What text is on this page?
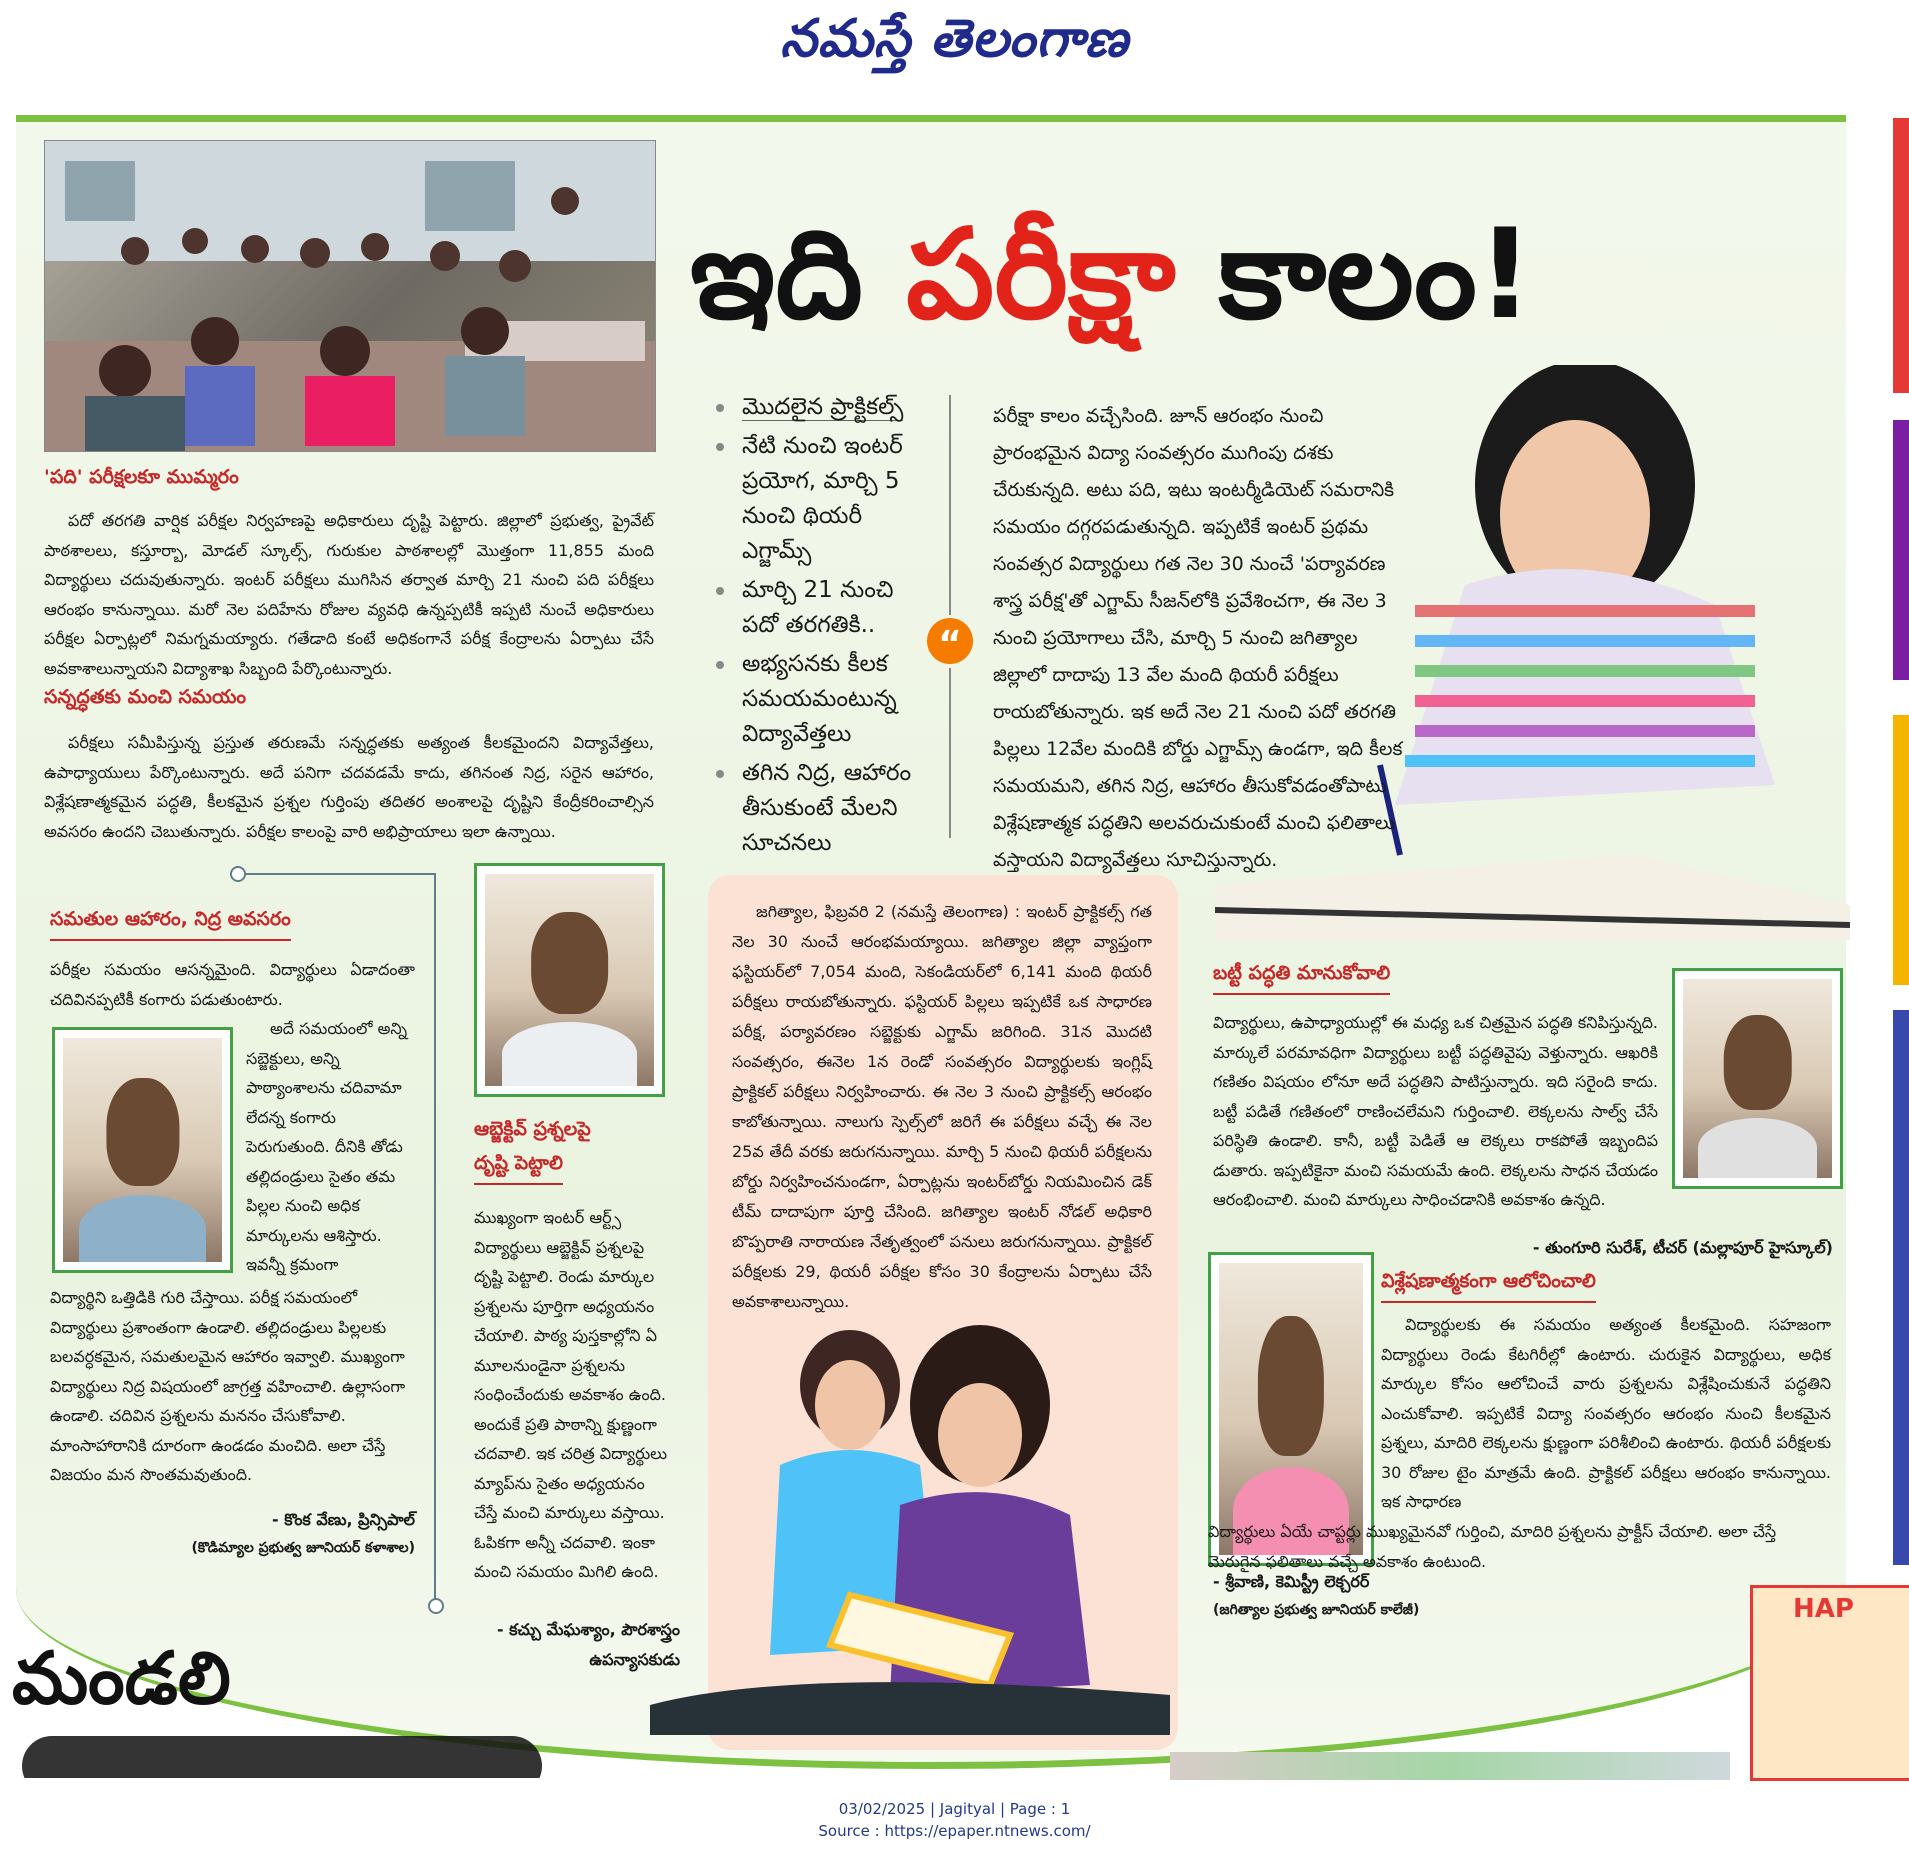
నమస్తే తెలంగాణ
ఇది పరీక్షా కాలం!
'పది' పరీక్షలకూ ముమ్మరం

పదో తరగతి వార్షిక పరీక్షల నిర్వహణపై అధికారులు దృష్టి పెట్టారు. జిల్లాలో ప్రభుత్వ, ప్రైవేట్ పాఠశాలలు, కస్తూర్బా, మోడల్ స్కూల్స్, గురుకుల పాఠశాలల్లో మొత్తంగా 11,855 మంది విద్యార్థులు చదువుతున్నారు. ఇంటర్ పరీక్షలు ముగిసిన తర్వాత మార్చి 21 నుంచి పది పరీక్షలు ఆరంభం కానున్నాయి. మరో నెల పదిహేను రోజుల వ్యవధి ఉన్నప్పటికీ ఇప్పటి నుంచే అధికారులు పరీక్షల ఏర్పాట్లలో నిమగ్నమయ్యారు. గతేడాది కంటే అధికంగానే పరీక్ష కేంద్రాలను ఏర్పాటు చేసే అవకాశాలున్నాయని విద్యాశాఖ సిబ్బంది పేర్కొంటున్నారు.

సన్నద్ధతకు మంచి సమయం

పరీక్షలు సమీపిస్తున్న ప్రస్తుత తరుణమే సన్నద్ధతకు అత్యంత కీలకమైందని విద్యావేత్తలు, ఉపాధ్యాయులు పేర్కొంటున్నారు. అదే పనిగా చదవడమే కాదు, తగినంత నిద్ర, సరైన ఆహారం, విశ్లేషణాత్మకమైన పద్ధతి, కీలకమైన ప్రశ్నల గుర్తింపు తదితర అంశాలపై దృష్టిని కేంద్రీకరించాల్సిన అవసరం ఉందని చెబుతున్నారు. పరీక్షల కాలంపై వారి అభిప్రాయాలు ఇలా ఉన్నాయి.

సమతుల ఆహారం, నిద్ర అవసరం

పరీక్షల సమయం ఆసన్నమైంది. విద్యార్థులు ఏడాదంతా చదివినప్పటికీ కంగారు పడుతుంటారు.

అదే సమయంలో అన్ని సబ్జెక్టులు, అన్ని పాఠ్యాంశాలను చదివామా లేదన్న కంగారు పెరుగుతుంది. దీనికి తోడు తల్లిదండ్రులు సైతం తమ పిల్లల నుంచి అధిక మార్కులను ఆశిస్తారు. ఇవన్నీ క్రమంగా

విద్యార్థిని ఒత్తిడికి గురి చేస్తాయి. పరీక్ష సమయంలో విద్యార్థులు ప్రశాంతంగా ఉండాలి. తల్లిదండ్రులు పిల్లలకు బలవర్ధకమైన, సమతులమైన ఆహారం ఇవ్వాలి. ముఖ్యంగా విద్యార్థులు నిద్ర విషయంలో జాగ్రత్త వహించాలి. ఉల్లాసంగా ఉండాలి. చదివిన ప్రశ్నలను మననం చేసుకోవాలి. మాంసాహారానికి దూరంగా ఉండడం మంచిది. అలా చేస్తే విజయం మన సొంతమవుతుంది.

- కొంక వేణు, ప్రిన్సిపాల్
(కొడిమ్యాల ప్రభుత్వ జూనియర్ కళాశాల)
ఆబ్జెక్టివ్ ప్రశ్నలపై
దృష్టి పెట్టాలి

ముఖ్యంగా ఇంటర్ ఆర్ట్స్ విద్యార్థులు ఆబ్జెక్టివ్ ప్రశ్నలపై దృష్టి పెట్టాలి. రెండు మార్కుల ప్రశ్నలను పూర్తిగా అధ్యయనం చేయాలి. పాఠ్య పుస్తకాల్లోని ఏ మూలనుండైనా ప్రశ్నలను సంధించేందుకు అవకాశం ఉంది. అందుకే ప్రతి పాఠాన్ని క్షుణ్ణంగా చదవాలి. ఇక చరిత్ర విద్యార్థులు మ్యాప్‌ను సైతం అధ్యయనం చేస్తే మంచి మార్కులు వస్తాయి. ఓపికగా అన్నీ చదవాలి. ఇంకా మంచి సమయం మిగిలి ఉంది.

- కచ్చు మేఘశ్యాం, పౌరశాస్త్రం
ఉపన్యాసకుడు
మొదలైన ప్రాక్టికల్స్
నేటి నుంచి ఇంటర్ ప్రయోగ, మార్చి 5 నుంచి థియరీ ఎగ్జామ్స్
మార్చి 21 నుంచి పదో తరగతికి..
అభ్యసనకు కీలక సమయమంటున్న విద్యావేత్తలు
తగిన నిద్ర, ఆహారం తీసుకుంటే మేలని సూచనలు
“

పరీక్షా కాలం వచ్చేసింది. జూన్ ఆరంభం నుంచి ప్రారంభమైన విద్యా సంవత్సరం ముగింపు దశకు చేరుకున్నది. అటు పది, ఇటు ఇంటర్మీడియెట్ సమరానికి సమయం దగ్గరపడుతున్నది. ఇప్పటికే ఇంటర్ ప్రథమ సంవత్సర విద్యార్థులు గత నెల 30 నుంచే 'పర్యావరణ శాస్త్ర పరీక్ష'తో ఎగ్జామ్ సీజన్‌లోకి ప్రవేశించగా, ఈ నెల 3 నుంచి ప్రయోగాలు చేసి, మార్చి 5 నుంచి జగిత్యాల జిల్లాలో దాదాపు 13 వేల మంది థియరీ పరీక్షలు రాయబోతున్నారు. ఇక అదే నెల 21 నుంచి పదో తరగతి పిల్లలు 12వేల మందికి బోర్డు ఎగ్జామ్స్ ఉండగా, ఇది కీలక సమయమని, తగిన నిద్ర, ఆహారం తీసుకోవడంతోపాటు విశ్లేషణాత్మక పద్ధతిని అలవరుచుకుంటే మంచి ఫలితాలు వస్తాయని విద్యావేత్తలు సూచిస్తున్నారు.

జగిత్యాల, ఫిబ్రవరి 2 (నమస్తే తెలంగాణ) : ఇంటర్ ప్రాక్టికల్స్ గత నెల 30 నుంచే ఆరంభమయ్యాయి. జగిత్యాల జిల్లా వ్యాప్తంగా ఫస్టియర్‌లో 7,054 మంది, సెకండియర్‌లో 6,141 మంది థియరీ పరీక్షలు రాయబోతున్నారు. ఫస్టియర్ పిల్లలు ఇప్పటికే ఒక సాధారణ పరీక్ష, పర్యావరణం సబ్జెక్టుకు ఎగ్జామ్ జరిగింది. 31న మొదటి సంవత్సరం, ఈనెల 1న రెండో సంవత్సరం విద్యార్థులకు ఇంగ్లిష్ ప్రాక్టికల్ పరీక్షలు నిర్వహించారు. ఈ నెల 3 నుంచి ప్రాక్టికల్స్ ఆరంభం కాబోతున్నాయి. నాలుగు స్పెల్స్‌లో జరిగే ఈ పరీక్షలు వచ్చే ఈ నెల 25వ తేదీ వరకు జరుగనున్నాయి. మార్చి 5 నుంచి థియరీ పరీక్షలను బోర్డు నిర్వహించనుండగా, ఏర్పాట్లను ఇంటర్‌బోర్డు నియమించిన డెక్ టీమ్ దాదాపుగా పూర్తి చేసింది. జగిత్యాల ఇంటర్ నోడల్ అధికారి బొప్పరాతి నారాయణ నేతృత్వంలో పనులు జరుగనున్నాయి. ప్రాక్టికల్ పరీక్షలకు 29, థియరీ పరీక్షల కోసం 30 కేంద్రాలను ఏర్పాటు చేసే అవకాశాలున్నాయి.

బట్టీ పద్ధతి మానుకోవాలి

విద్యార్థులు, ఉపాధ్యాయుల్లో ఈ మధ్య ఒక చిత్రమైన పద్ధతి కనిపిస్తున్నది. మార్కులే పరమావధిగా విద్యార్థులు బట్టీ పద్ధతివైపు వెళ్తున్నారు. ఆఖరికి గణితం విషయం లోనూ అదే పద్ధతిని పాటిస్తున్నారు. ఇది సరైంది కాదు. బట్టీ పడితే గణితంలో రాణించలేమని గుర్తించాలి. లెక్కలను సాల్వ్ చేసే పరిస్థితి ఉండాలి. కానీ, బట్టీ పెడితే ఆ లెక్కలు రాకపోతే ఇబ్బందిప డుతారు. ఇప్పటికైనా మంచి సమయమే ఉంది. లెక్కలను సాధన చేయడం ఆరంభించాలి. మంచి మార్కులు సాధించడానికి అవకాశం ఉన్నది.

- తుంగూరి సురేశ్, టీచర్ (మల్లాపూర్ హైస్కూల్)
విశ్లేషణాత్మకంగా ఆలోచించాలి

విద్యార్థులకు ఈ సమయం అత్యంత కీలకమైంది. సహజంగా విద్యార్థులు రెండు కేటగిరీల్లో ఉంటారు. చురుకైన విద్యార్థులు, అధిక మార్కుల కోసం ఆలోచించే వారు ప్రశ్నలను విశ్లేషించుకునే పద్ధతిని ఎంచుకోవాలి. ఇప్పటికే విద్యా సంవత్సరం ఆరంభం నుంచి కీలకమైన ప్రశ్నలు, మాదిరి లెక్కలను క్షుణ్ణంగా పరిశీలించి ఉంటారు. థియరీ పరీక్షలకు 30 రోజుల టైం మాత్రమే ఉంది. ప్రాక్టికల్ పరీక్షలు ఆరంభం కానున్నాయి. ఇక సాధారణ

విద్యార్థులు ఏయే చాప్టర్లు ముఖ్యమైనవో గుర్తించి, మాదిరి ప్రశ్నలను ప్రాక్టీస్ చేయాలి. అలా చేస్తే మెరుగైన ఫలితాలు వచ్చే అవకాశం ఉంటుంది.

- శ్రీవాణి, కెమిస్ట్రీ లెక్చరర్
(జగిత్యాల ప్రభుత్వ జూనియర్ కాలేజీ)
మండలి
HAP
03/02/2025 | Jagityal | Page : 1
Source : https://epaper.ntnews.com/
